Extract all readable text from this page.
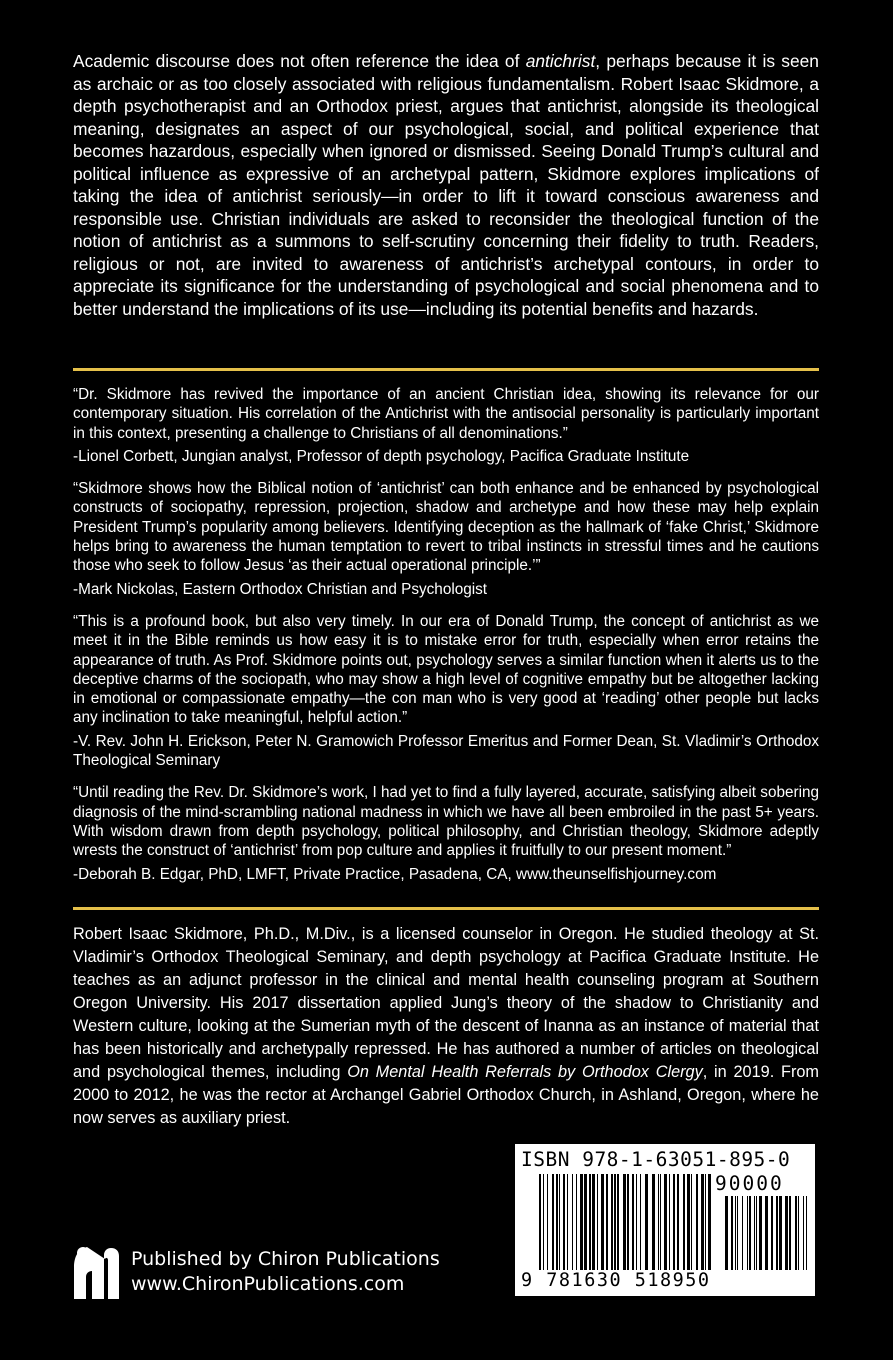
Academic discourse does not often reference the idea of antichrist, perhaps because it is seen as archaic or as too closely associated with religious fundamentalism. Robert Isaac Skidmore, a depth psychotherapist and an Orthodox priest, argues that antichrist, alongside its theological meaning, designates an aspect of our psychological, social, and political experience that becomes hazardous, especially when ignored or dismissed. Seeing Donald Trump’s cultural and political influence as expressive of an archetypal pattern, Skidmore explores implications of taking the idea of antichrist seriously—in order to lift it toward conscious awareness and responsible use. Christian individuals are asked to reconsider the theological function of the notion of antichrist as a summons to self-scrutiny concerning their fidelity to truth. Readers, religious or not, are invited to awareness of antichrist’s archetypal contours, in order to appreciate its significance for the understanding of psychological and social phenomena and to better understand the implications of its use—including its potential benefits and hazards.

“Dr. Skidmore has revived the importance of an ancient Christian idea, showing its relevance for our contemporary situation. His correlation of the Antichrist with the antisocial personality is particularly important in this context, presenting a challenge to Christians of all denominations.”

-Lionel Corbett, Jungian analyst, Professor of depth psychology, Pacifica Graduate Institute

“Skidmore shows how the Biblical notion of ‘antichrist’ can both enhance and be enhanced by psychological constructs of sociopathy, repression, projection, shadow and archetype and how these may help explain President Trump’s popularity among believers. Identifying deception as the hallmark of ‘fake Christ,’ Skidmore helps bring to awareness the human temptation to revert to tribal instincts in stressful times and he cautions those who seek to follow Jesus ‘as their actual operational principle.’”

-Mark Nickolas, Eastern Orthodox Christian and Psychologist

“This is a profound book, but also very timely. In our era of Donald Trump, the concept of antichrist as we meet it in the Bible reminds us how easy it is to mistake error for truth, especially when error retains the appearance of truth. As Prof. Skidmore points out, psychology serves a similar function when it alerts us to the deceptive charms of the sociopath, who may show a high level of cognitive empathy but be altogether lacking in emotional or compassionate empathy—the con man who is very good at ‘reading’ other people but lacks any inclination to take meaningful, helpful action.”

-V. Rev. John H. Erickson, Peter N. Gramowich Professor Emeritus and Former Dean, St. Vladimir’s Orthodox Theological Seminary

“Until reading the Rev. Dr. Skidmore’s work, I had yet to find a fully layered, accurate, satisfying albeit sobering diagnosis of the mind-scrambling national madness in which we have all been embroiled in the past 5+ years. With wisdom drawn from depth psychology, political philosophy, and Christian theology, Skidmore adeptly wrests the construct of ‘antichrist’ from pop culture and applies it fruitfully to our present moment.”

-Deborah B. Edgar, PhD, LMFT, Private Practice, Pasadena, CA, www.theunselfishjourney.com

Robert Isaac Skidmore, Ph.D., M.Div., is a licensed counselor in Oregon. He studied theology at St. Vladimir’s Orthodox Theological Seminary, and depth psychology at Pacifica Graduate Institute. He teaches as an adjunct professor in the clinical and mental health counseling program at Southern Oregon University. His 2017 dissertation applied Jung’s theory of the shadow to Christianity and Western culture, looking at the Sumerian myth of the descent of Inanna as an instance of material that has been historically and archetypally repressed. He has authored a number of articles on theological and psychological themes, including On Mental Health Referrals by Orthodox Clergy, in 2019. From 2000 to 2012, he was the rector at Archangel Gabriel Orthodox Church, in Ashland, Oregon, where he now serves as auxiliary priest.

ISBN 978-1-63051-895-0
90000
9 781630 518950
Published by Chiron Publications
www.ChironPublications.com
